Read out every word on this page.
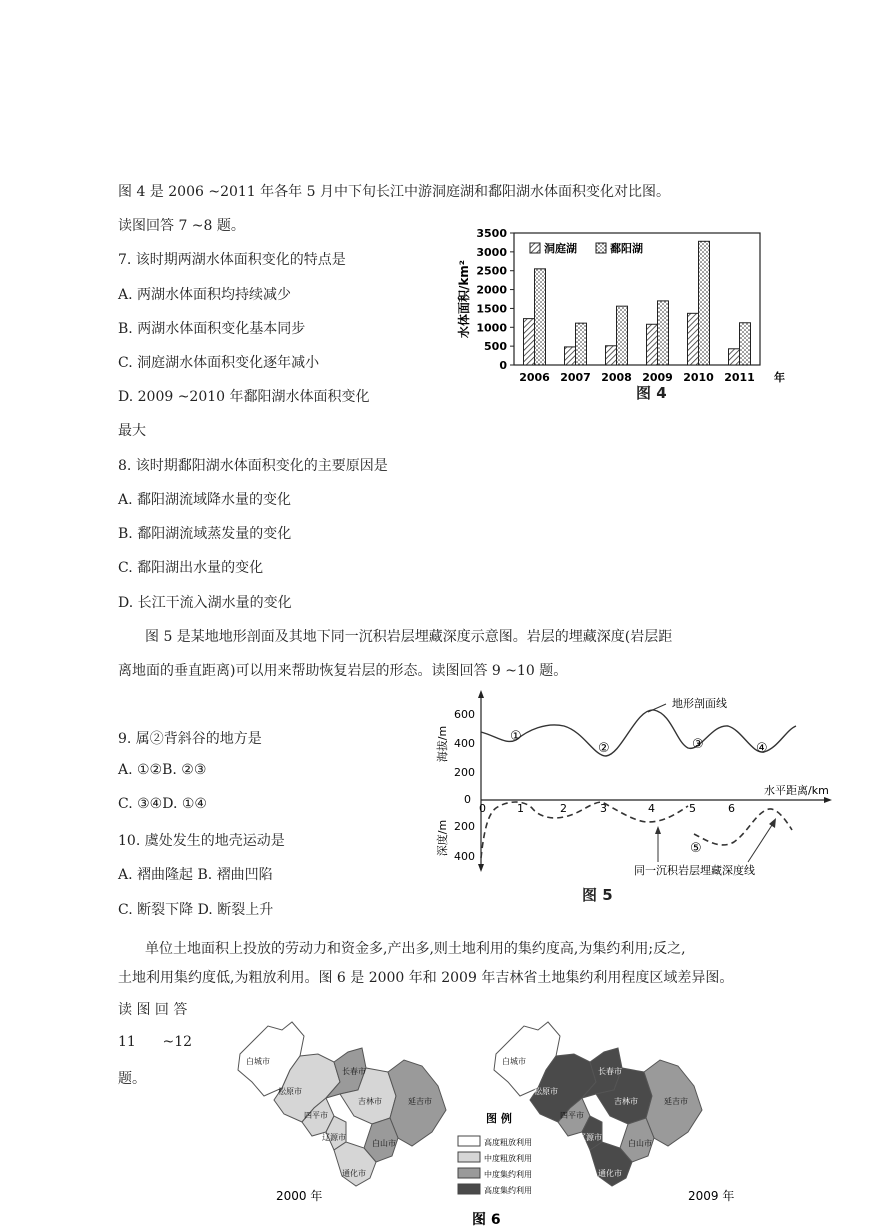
图 4 是 2006 ~2011 年各年 5 月中下旬长江中游洞庭湖和鄱阳湖水体面积变化对比图。
读图回答 7 ~8 题。
7. 该时期两湖水体面积变化的特点是
A. 两湖水体面积均持续减少
B. 两湖水体面积变化基本同步
C. 洞庭湖水体面积变化逐年减小
D. 2009 ~2010 年鄱阳湖水体面积变化
最大
8. 该时期鄱阳湖水体面积变化的主要原因是
A. 鄱阳湖流域降水量的变化
B. 鄱阳湖流域蒸发量的变化
C. 鄱阳湖出水量的变化
D. 长江干流入湖水量的变化
0
500
1000
1500
2000
2500
3000
3500
水体面积/km²
2006 2007 2008 2009 2010 2011 年
洞庭湖	鄱阳湖
图 4
图 5 是某地地形剖面及其地下同一沉积岩层埋藏深度示意图。岩层的埋藏深度(岩层距
离地面的垂直距离)可以用来帮助恢复岩层的形态。读图回答 9 ~10 题。
9. 属②背斜谷的地方是
A. ①②B. ②③
C. ③④D. ①④
10. 虞处发生的地壳运动是
A. 褶曲隆起 B. 褶曲凹陷
C. 断裂下降 D. 断裂上升
600
400
200
0
200
400
海拔/m
深度/m
0	1	2	3	4	5	6
水平距离/km
地形剖面线
①
②	③	④
⑤
同一沉积岩层埋藏深度线
图 5
单位土地面积上投放的劳动力和资金多,产出多,则土地利用的集约度高,为集约利用;反之,
土地利用集约度低,为粗放利用。图 6 是 2000 年和 2009 年吉林省土地集约利用程度区域差异图。
读 图 回 答
11      ~12
题。
白城市
松原市
长春市
吉林市	延吉市
四平市
辽源市
白山市
通化市
2000 年
图 例
高度粗放利用
中度粗放利用
中度集约利用
高度集约利用
白城市
松原市
长春市
吉林市	延吉市
四平市
辽源市
白山市
通化市
2009 年
图 6
